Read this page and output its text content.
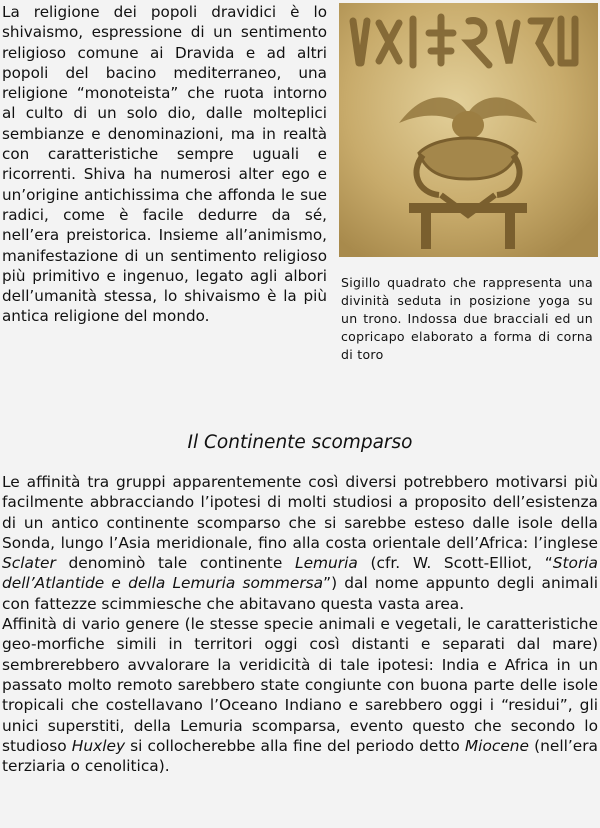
La religione dei popoli dravidici è lo shivaismo, espressione di un sentimento religioso comune ai Dravida e ad altri popoli del bacino mediterraneo, una religione “monoteista” che ruota intorno al culto di un solo dio, dalle molteplici sembianze e denominazioni, ma in realtà con caratteristiche sempre uguali e ricorrenti. Shiva ha numerosi alter ego e un’origine antichissima che affonda le sue radici, come è facile dedurre da sé, nell’era preistorica. Insieme all’animismo, manifestazione di un sentimento religioso più primitivo e ingenuo, legato agli albori dell’umanità stessa, lo shivaismo è la più antica religione del mondo.
Sigillo quadrato che rappresenta una divinità seduta in posizione yoga su un trono. Indossa due bracciali ed un copricapo elaborato a forma di corna di toro
Il Continente scomparso

Le affinità tra gruppi apparentemente così diversi potrebbero motivarsi più facilmente abbracciando l’ipotesi di molti studiosi a proposito dell’esistenza di un antico continente scomparso che si sarebbe esteso dalle isole della Sonda, lungo l’Asia meridionale, fino alla costa orientale dell’Africa: l’inglese Sclater denominò tale continente Lemuria (cfr. W. Scott-Elliot, “Storia dell’Atlantide e della Lemuria sommersa”) dal nome appunto degli animali con fattezze scimmiesche che abitavano questa vasta area.

Affinità di vario genere (le stesse specie animali e vegetali, le caratteristiche geo-morfiche simili in territori oggi così distanti e separati dal mare) sembrerebbero avvalorare la veridicità di tale ipotesi: India e Africa in un passato molto remoto sarebbero state congiunte con buona parte delle isole tropicali che costellavano l’Oceano Indiano e sarebbero oggi i “residui”, gli unici superstiti, della Lemuria scomparsa, evento questo che secondo lo studioso Huxley si collocherebbe alla fine del periodo detto Miocene (nell’era terziaria o cenolitica).
